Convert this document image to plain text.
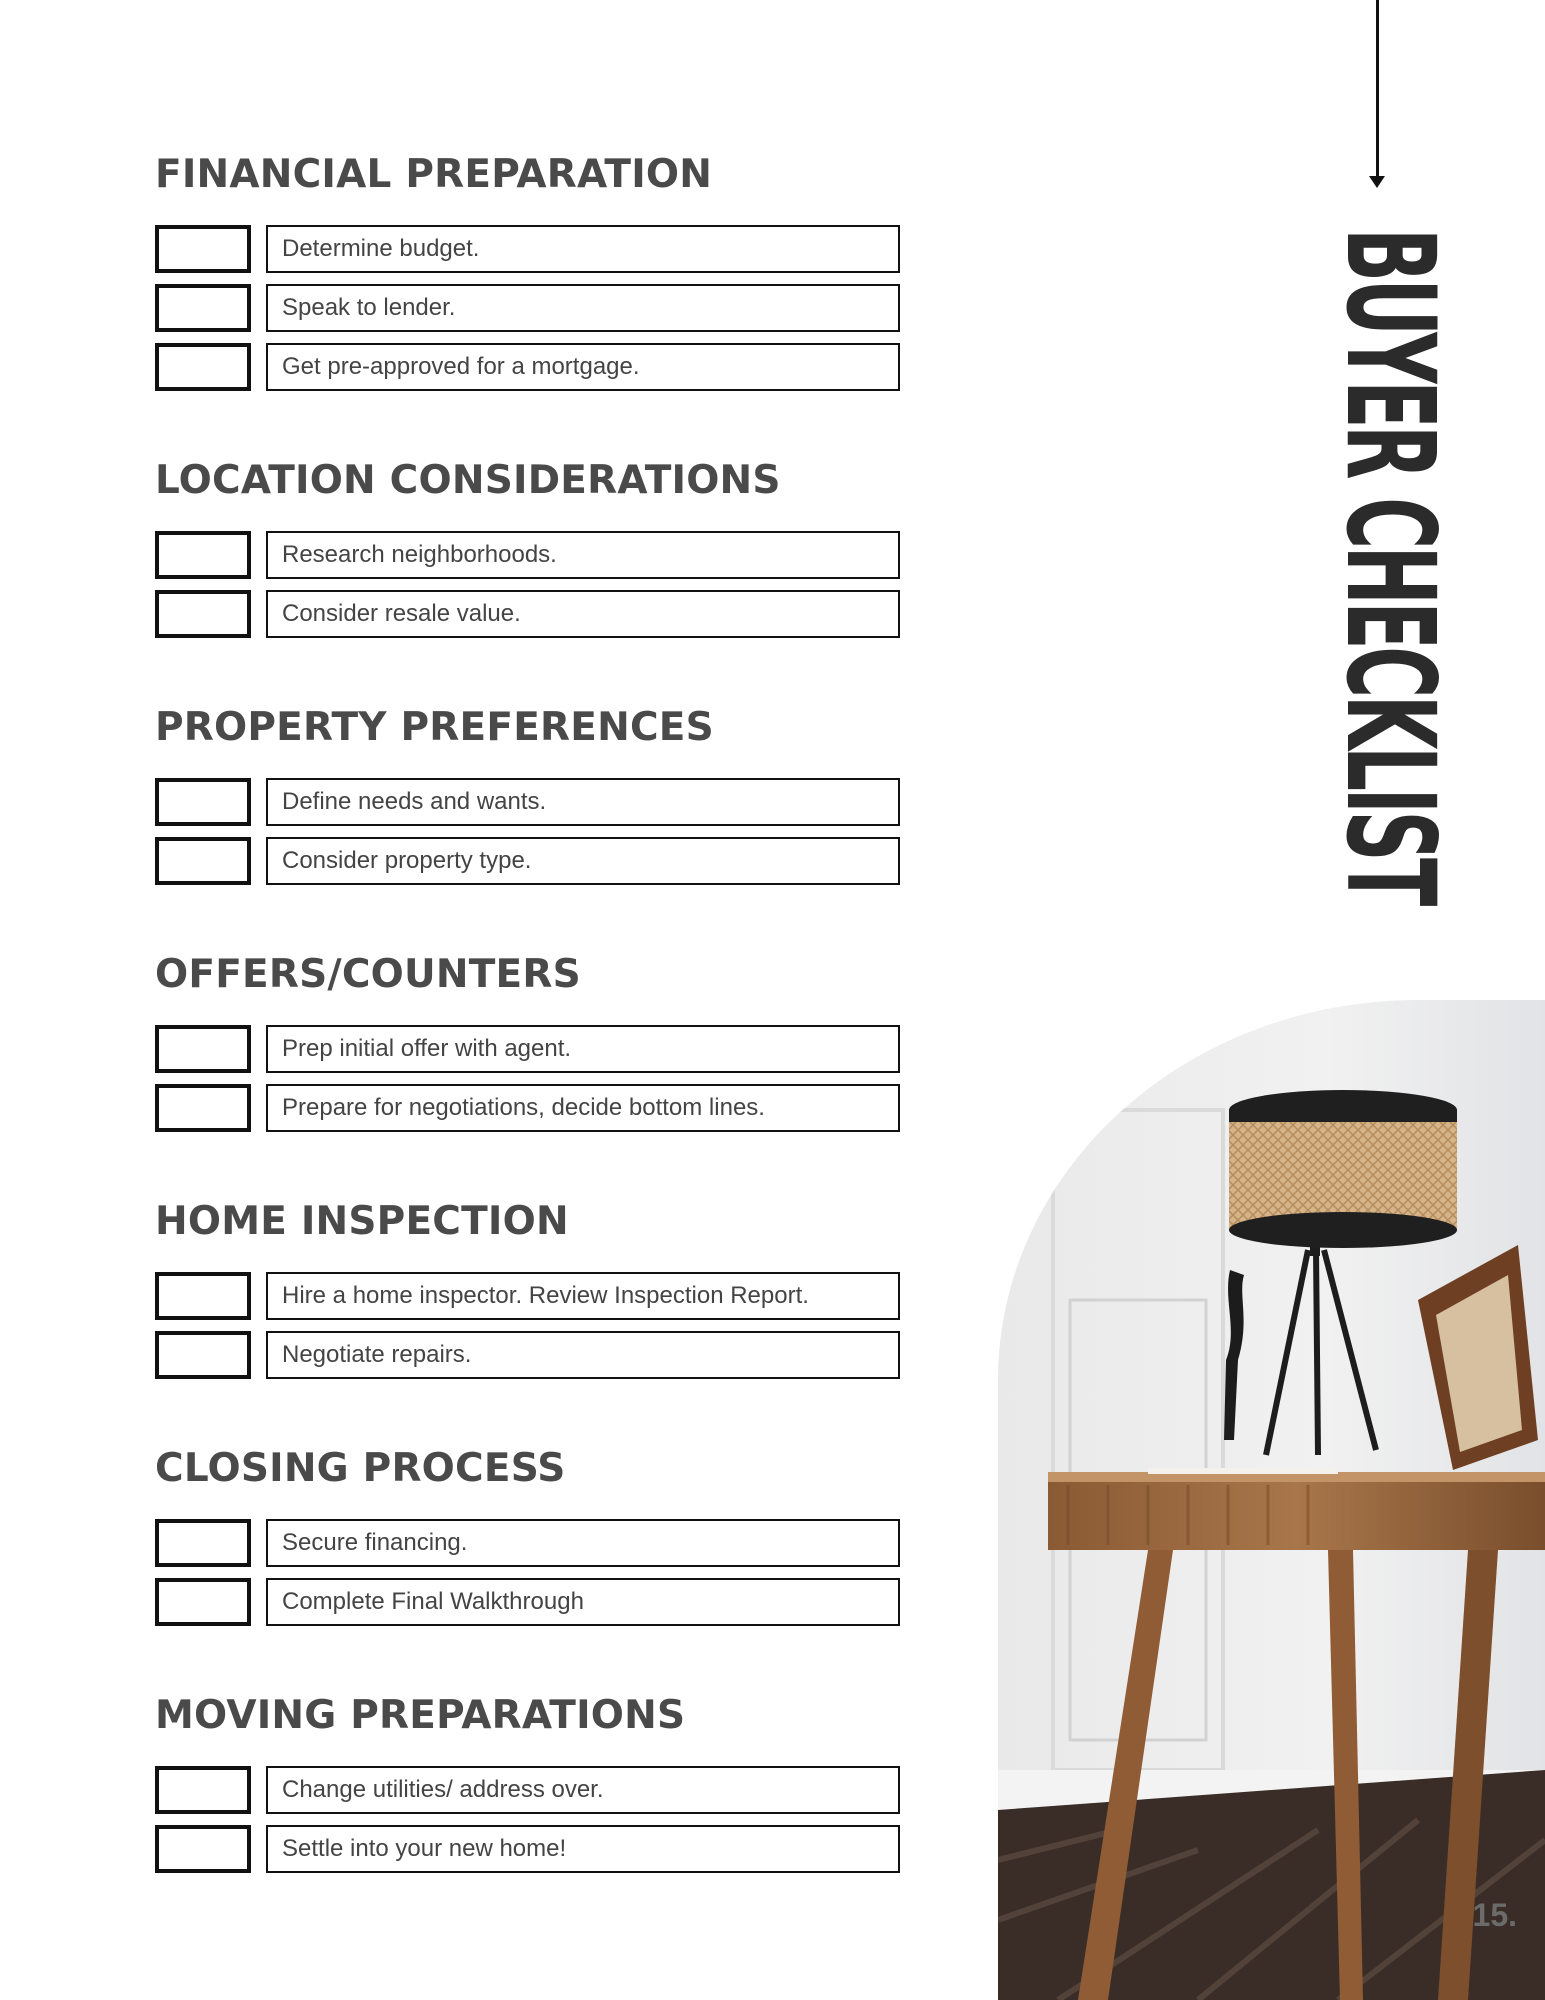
BUYER CHECKLIST
FINANCIAL PREPARATION
Determine budget.
Speak to lender.
Get pre-approved for a mortgage.
LOCATION CONSIDERATIONS
Research neighborhoods.
Consider resale value.
PROPERTY PREFERENCES
Define needs and wants.
Consider property type.
OFFERS/COUNTERS
Prep initial offer with agent.
Prepare for negotiations, decide bottom lines.
HOME INSPECTION
Hire a home inspector. Review Inspection Report.
Negotiate repairs.
CLOSING PROCESS
Secure financing.
Complete Final Walkthrough
MOVING PREPARATIONS
Change utilities/ address over.
Settle into your new home!
15.
